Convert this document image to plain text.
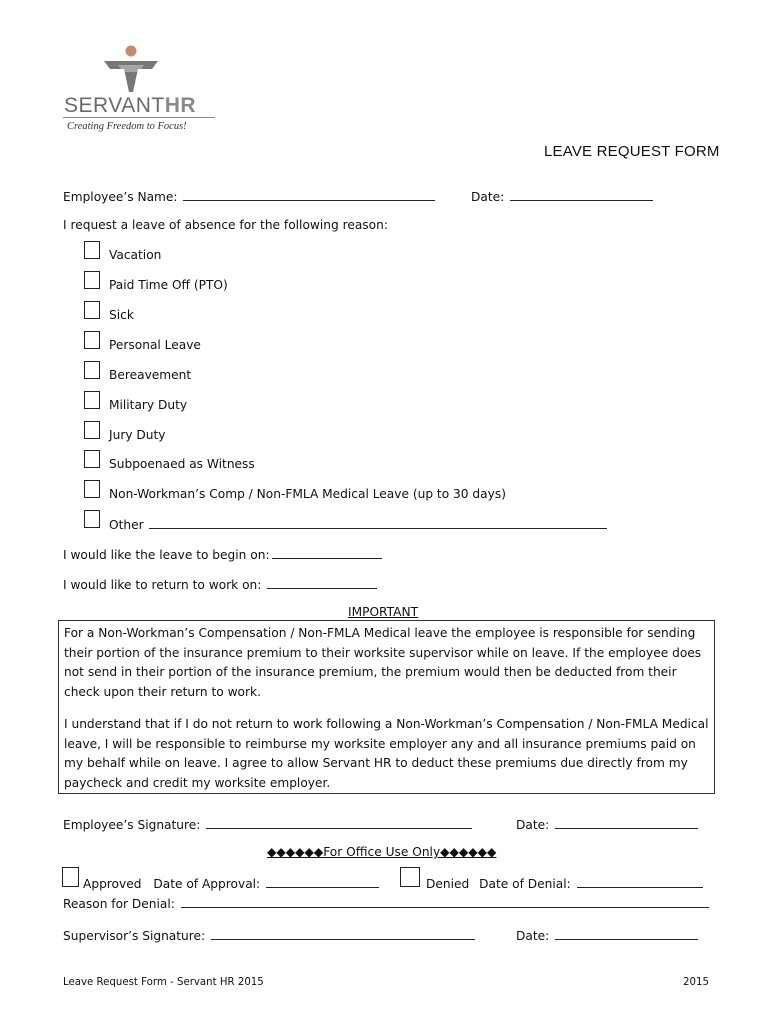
SERVANTHR
Creating Freedom to Focus!
LEAVE REQUEST FORM
Employee’s Name:	Date:
I request a leave of absence for the following reason:
Vacation
Paid Time Off (PTO)
Sick
Personal Leave
Bereavement
Military Duty
Jury Duty
Subpoenaed as Witness
Non-Workman’s Comp / Non-FMLA Medical Leave (up to 30 days)
Other
I would like the leave to begin on:
I would like to return to work on:
IMPORTANT
For a Non-Workman’s Compensation / Non-FMLA Medical leave the employee is responsible for sending their portion of the insurance premium to their worksite supervisor while on leave. If the employee does not send in their portion of the insurance premium, the premium would then be deducted from their check upon their return to work.
I understand that if I do not return to work following a Non-Workman’s Compensation / Non-FMLA Medical leave, I will be responsible to reimburse my worksite employer any and all insurance premiums paid on my behalf while on leave. I agree to allow Servant HR to deduct these premiums due directly from my paycheck and credit my worksite employer.
Employee’s Signature:	Date:
◆◆◆◆◆◆For Office Use Only◆◆◆◆◆◆
Approved Date of Approval:	Denied Date of Denial:
Reason for Denial:
Supervisor’s Signature:	Date:
Leave Request Form - Servant HR 2015	2015
